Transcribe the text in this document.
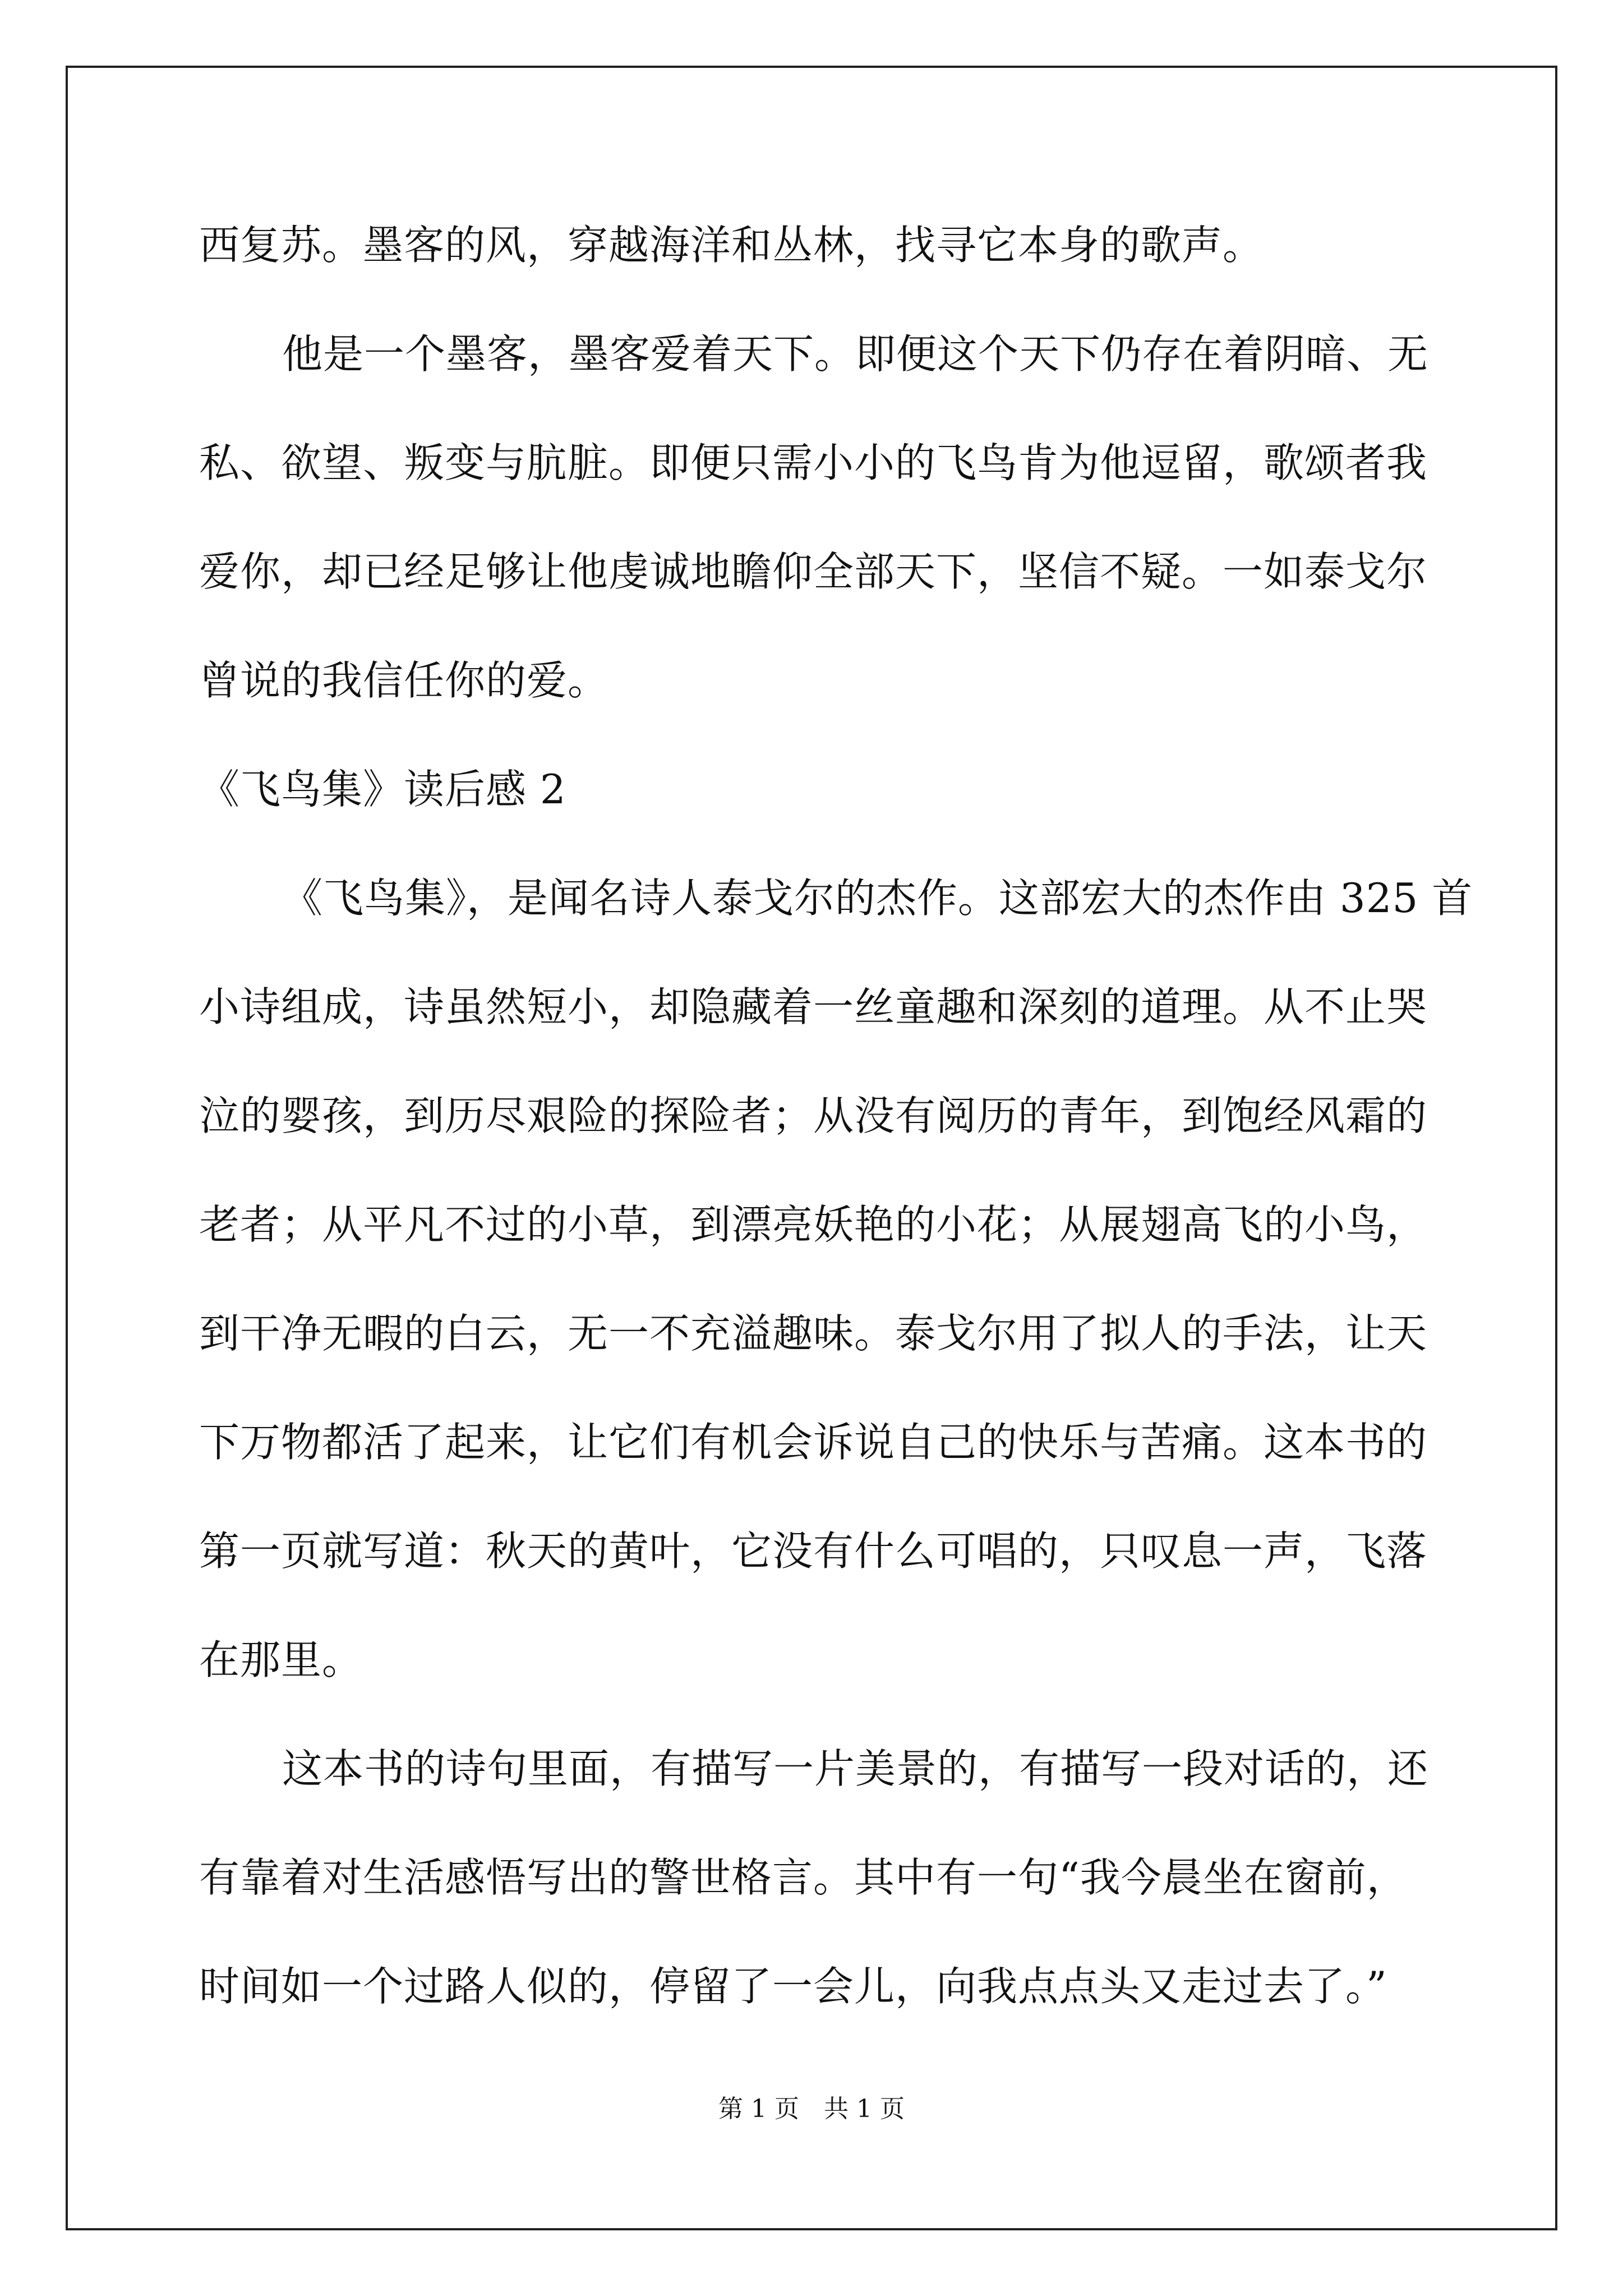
西复苏。墨客的风，穿越海洋和丛林，找寻它本身的歌声。
他是一个墨客，墨客爱着天下。即便这个天下仍存在着阴暗、无
私、欲望、叛变与肮脏。即便只需小小的飞鸟肯为他逗留，歌颂者我
爱你，却已经足够让他虔诚地瞻仰全部天下，坚信不疑。一如泰戈尔
曾说的我信任你的爱。
《飞鸟集》读后感 2
《飞鸟集》，是闻名诗人泰戈尔的杰作。这部宏大的杰作由 325 首
小诗组成，诗虽然短小，却隐藏着一丝童趣和深刻的道理。从不止哭
泣的婴孩，到历尽艰险的探险者；从没有阅历的青年，到饱经风霜的
老者；从平凡不过的小草，到漂亮妖艳的小花；从展翅高飞的小鸟，
到干净无暇的白云，无一不充溢趣味。泰戈尔用了拟人的手法，让天
下万物都活了起来，让它们有机会诉说自己的快乐与苦痛。这本书的
第一页就写道：秋天的黄叶，它没有什么可唱的，只叹息一声，飞落
在那里。
这本书的诗句里面，有描写一片美景的，有描写一段对话的，还
有靠着对生活感悟写出的警世格言。其中有一句“我今晨坐在窗前，
时间如一个过路人似的，停留了一会儿，向我点点头又走过去了。”
第 1 页　共 1 页
